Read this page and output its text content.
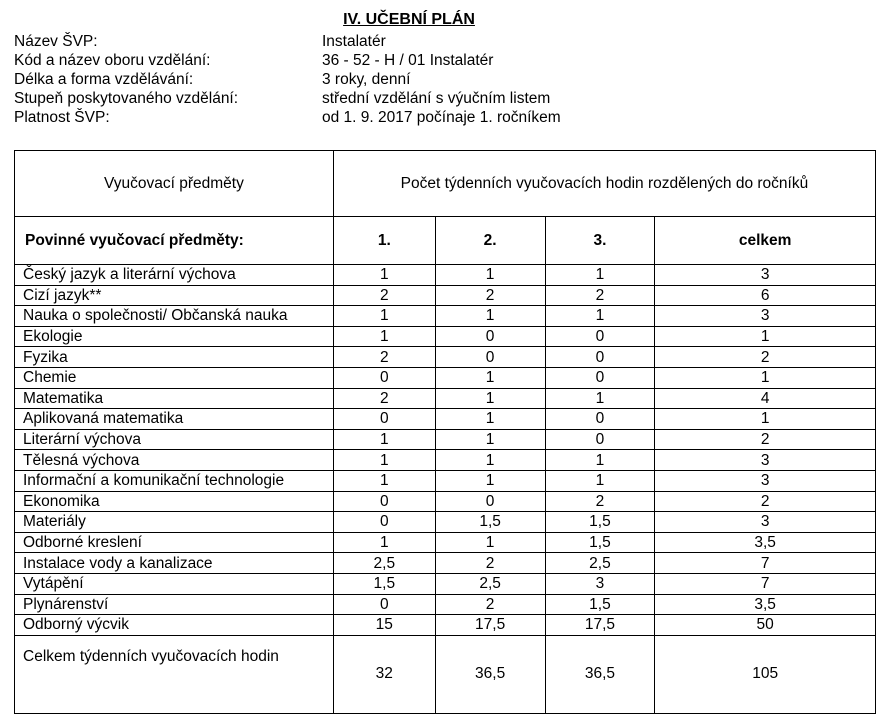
IV. UČEBNÍ PLÁN
Název ŠVP:	Instalatér
Kód a název oboru vzdělání:	36 - 52 - H / 01 Instalatér
Délka a forma vzdělávání:	3 roky, denní
Stupeň poskytovaného vzdělání:	střední vzdělání s výučním listem
Platnost ŠVP:	od 1. 9. 2017 počínaje 1. ročníkem
Vyučovací předměty	Počet týdenních vyučovacích hodin rozdělených do ročníků			
Povinné vyučovací předměty:	1.	2.	3.	celkem
Český jazyk a literární výchova	1	1	1	3
Cizí jazyk**	2	2	2	6
Nauka o společnosti/ Občanská nauka	1	1	1	3
Ekologie	1	0	0	1
Fyzika	2	0	0	2
Chemie	0	1	0	1
Matematika	2	1	1	4
Aplikovaná matematika	0	1	0	1
Literární výchova	1	1	0	2
Tělesná výchova	1	1	1	3
Informační a komunikační technologie	1	1	1	3
Ekonomika	0	0	2	2
Materiály	0	1,5	1,5	3
Odborné kreslení	1	1	1,5	3,5
Instalace vody a kanalizace	2,5	2	2,5	7
Vytápění	1,5	2,5	3	7
Plynárenství	0	2	1,5	3,5
Odborný výcvik	15	17,5	17,5	50
Celkem týdenních vyučovacích hodin	32	36,5	36,5	105
